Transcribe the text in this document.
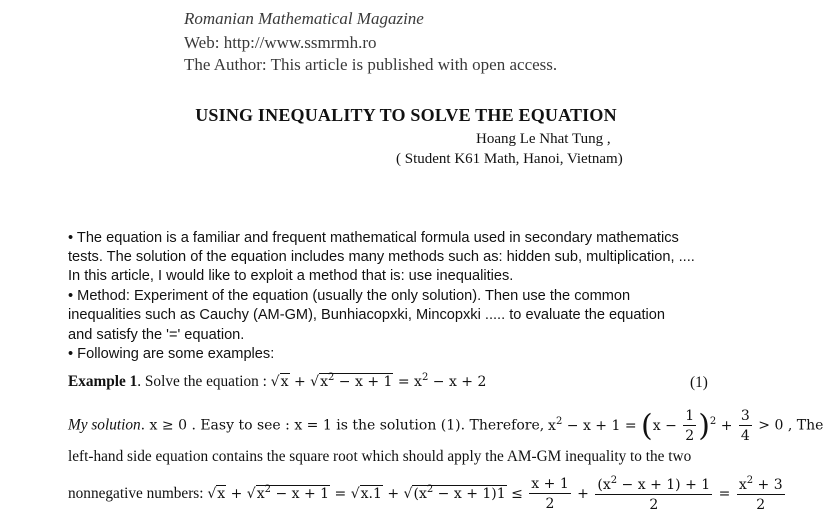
Romanian Mathematical Magazine
Web: http://www.ssmrmh.ro
The Author: This article is published with open access.
USING INEQUALITY TO SOLVE THE EQUATION
Hoang Le Nhat Tung ,
( Student K61 Math, Hanoi, Vietnam)
• The equation is a familiar and frequent mathematical formula used in secondary mathematics
tests. The solution of the equation includes many methods such as: hidden sub, multiplication, ....
In this article, I would like to exploit a method that is: use inequalities.
• Method: Experiment of the equation (usually the only solution). Then use the common
inequalities such as Cauchy (AM-GM), Bunhiacopxki, Mincopxki ..... to evaluate the equation
and satisfy the '=' equation.
• Following are some examples:
Example 1. Solve the equation : $√x + √x^2 - x + 1 = x^2 - x + 2$	(1)
My solution. x ≥ 0 . Easy to see : x = 1 is the solution (1). Therefore, $x^2 - x + 1 = (x - \frac{1}{2} )^2 + \frac{3}{4} > 0$ , The
left-hand side equation contains the square root which should apply the AM-GM inequality to the two
nonnegative numbers: $√x + √x^2 - x + 1 = √x.1 + √(x^2 - x + 1)1 \le \frac{x + 1}{2} + \frac{(x^2 - x + 1) + 1}{2} = \frac{x^2 + 3}{2}$
